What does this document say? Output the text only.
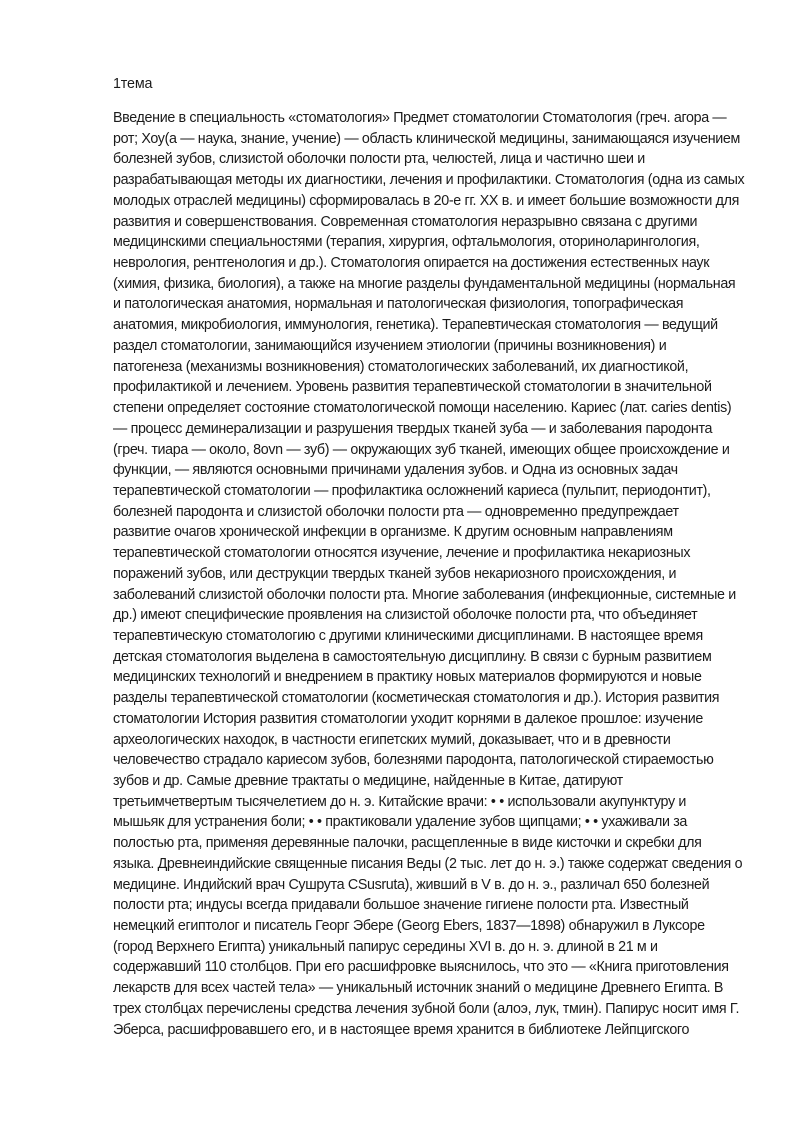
1тема
Введение в специальность «стоматология» Предмет стоматологии Стоматология (греч. агора —
рот; Хоу(а — наука, знание, учение) — область клинической медицины, занимающаяся изучением
болезней зубов, слизистой оболочки полости рта, челюстей, лица и частично шеи и
разрабатывающая методы их диагностики, лечения и профилактики. Стоматология (одна из самых
молодых отраслей медицины) сформировалась в 20-е гг. XX в. и имеет большие возможности для
развития и совершенствования. Современная стоматология неразрывно связана с другими
медицинскими специальностями (терапия, хирургия, офтальмология, оториноларингология,
неврология, рентгенология и др.). Стоматология опирается на достижения естественных наук
(химия, физика, биология), а также на многие разделы фундаментальной медицины (нормальная
и патологическая анатомия, нормальная и патологическая физиология, топографическая
анатомия, микробиология, иммунология, генетика). Терапевтическая стоматология — ведущий
раздел стоматологии, занимающийся изучением этиологии (причины возникновения) и
патогенеза (механизмы возникновения) стоматологических заболеваний, их диагностикой,
профилактикой и лечением. Уровень развития терапевтической стоматологии в значительной
степени определяет состояние стоматологической помощи населению. Кариес (лат. caries dentis)
— процесс деминерализации и разрушения твердых тканей зуба — и заболевания пародонта
(греч. тиара — около, 8ovn — зуб) — окружающих зуб тканей, имеющих общее происхождение и
функции, — являются основными причинами удаления зубов. и Одна из основных задач
терапевтической стоматологии — профилактика осложнений кариеса (пульпит, периодонтит),
болезней пародонта и слизистой оболочки полости рта — одновременно предупреждает
развитие очагов хронической инфекции в организме. К другим основным направлениям
терапевтической стоматологии относятся изучение, лечение и профилактика некариозных
поражений зубов, или деструкции твердых тканей зубов некариозного происхождения, и
заболеваний слизистой оболочки полости рта. Многие заболевания (инфекционные, системные и
др.) имеют специфические проявления на слизистой оболочке полости рта, что объединяет
терапевтическую стоматологию с другими клиническими дисциплинами. В настоящее время
детская стоматология выделена в самостоятельную дисциплину. В связи с бурным развитием
медицинских технологий и внедрением в практику новых материалов формируются и новые
разделы терапевтической стоматологии (косметическая стоматология и др.). История развития
стоматологии История развития стоматологии уходит корнями в далекое прошлое: изучение
археологических находок, в частности египетских мумий, доказывает, что и в древности
человечество страдало кариесом зубов, болезнями пародонта, патологической стираемостью
зубов и др. Самые древние трактаты о медицине, найденные в Китае, датируют
третьимчетвертым тысячелетием до н. э. Китайские врачи: • • использовали акупунктуру и
мышьяк для устранения боли; • • практиковали удаление зубов щипцами; • • ухаживали за
полостью рта, применяя деревянные палочки, расщепленные в виде кисточки и скребки для
языка. Древнеиндийские священные писания Веды (2 тыс. лет до н. э.) также содержат сведения о
медицине. Индийский врач Сушрута CSusruta), живший в V в. до н. э., различал 650 болезней
полости рта; индусы всегда придавали большое значение гигиене полости рта. Известный
немецкий египтолог и писатель Георг Эбере (Georg Ebers, 1837—1898) обнаружил в Луксоре
(город Верхнего Египта) уникальный папирус середины XVI в. до н. э. длиной в 21 м и
содержавший 110 столбцов. При его расшифровке выяснилось, что это — «Книга приготовления
лекарств для всех частей тела» — уникальный источник знаний о медицине Древнего Египта. В
трех столбцах перечислены средства лечения зубной боли (алоэ, лук, тмин). Папирус носит имя Г.
Эберса, расшифровавшего его, и в настоящее время хранится в библиотеке Лейпцигского
